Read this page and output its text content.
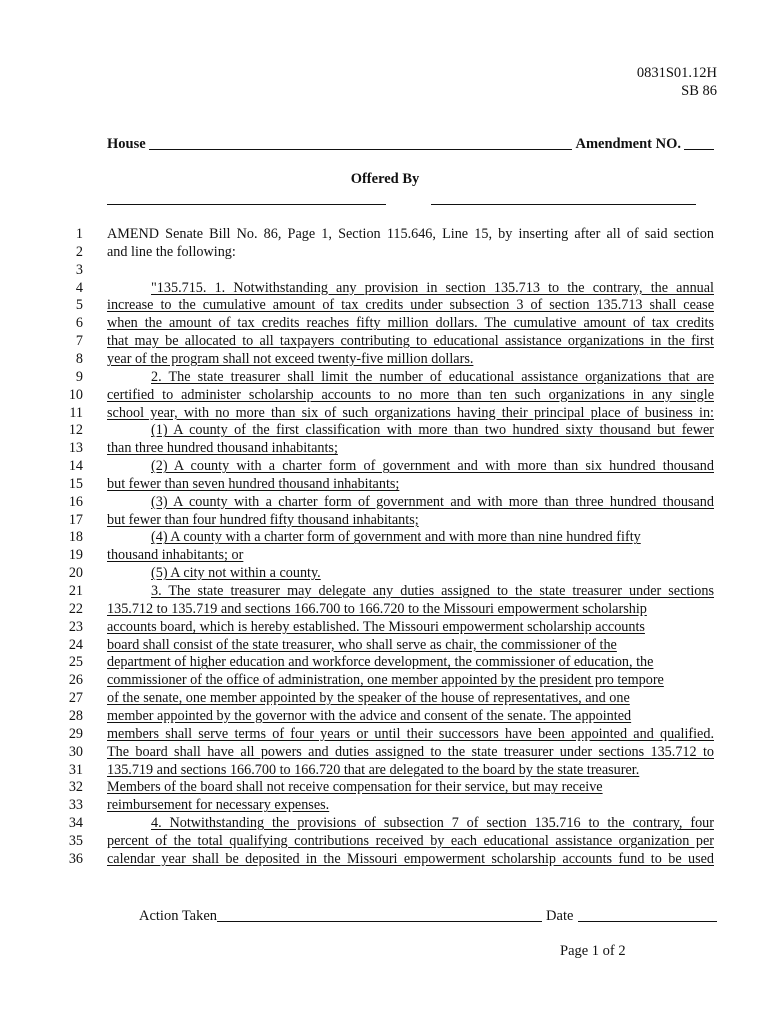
0831S01.12H
SB 86
House	Amendment NO.
Offered By
1 AMEND Senate Bill No. 86, Page 1, Section 115.646, Line 15, by inserting after all of said section
2 and line the following:
3
4	"135.715. 1. Notwithstanding any provision in section 135.713 to the contrary, the annual
5 increase to the cumulative amount of tax credits under subsection 3 of section 135.713 shall cease
6 when the amount of tax credits reaches fifty million dollars. The cumulative amount of tax credits
7 that may be allocated to all taxpayers contributing to educational assistance organizations in the first
8 year of the program shall not exceed twenty-five million dollars.
9	2. The state treasurer shall limit the number of educational assistance organizations that are
10 certified to administer scholarship accounts to no more than ten such organizations in any single
11 school year, with no more than six of such organizations having their principal place of business in:
12	(1) A county of the first classification with more than two hundred sixty thousand but fewer
13 than three hundred thousand inhabitants;
14	(2) A county with a charter form of government and with more than six hundred thousand
15 but fewer than seven hundred thousand inhabitants;
16	(3) A county with a charter form of government and with more than three hundred thousand
17 but fewer than four hundred fifty thousand inhabitants;
18	(4) A county with a charter form of government and with more than nine hundred fifty
19 thousand inhabitants; or
20	(5) A city not within a county.
21	3. The state treasurer may delegate any duties assigned to the state treasurer under sections
22 135.712 to 135.719 and sections 166.700 to 166.720 to the Missouri empowerment scholarship
23 accounts board, which is hereby established. The Missouri empowerment scholarship accounts
24 board shall consist of the state treasurer, who shall serve as chair, the commissioner of the
25 department of higher education and workforce development, the commissioner of education, the
26 commissioner of the office of administration, one member appointed by the president pro tempore
27 of the senate, one member appointed by the speaker of the house of representatives, and one
28 member appointed by the governor with the advice and consent of the senate. The appointed
29 members shall serve terms of four years or until their successors have been appointed and qualified.
30 The board shall have all powers and duties assigned to the state treasurer under sections 135.712 to
31 135.719 and sections 166.700 to 166.720 that are delegated to the board by the state treasurer.
32 Members of the board shall not receive compensation for their service, but may receive
33 reimbursement for necessary expenses.
34	4. Notwithstanding the provisions of subsection 7 of section 135.716 to the contrary, four
35 percent of the total qualifying contributions received by each educational assistance organization per
36 calendar year shall be deposited in the Missouri empowerment scholarship accounts fund to be used
Action Taken	Date
Page 1 of 2
